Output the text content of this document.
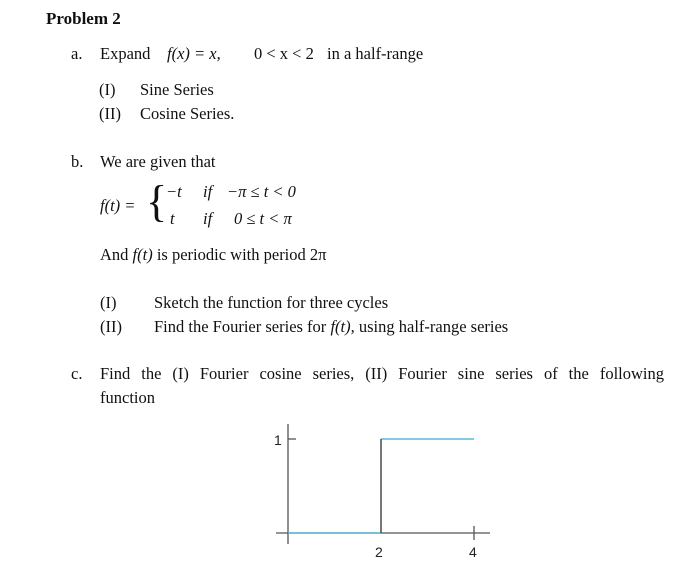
Problem 2
a. Expand f(x) = x, 0 < x < 2 in a half-range
(I) Sine Series
(II) Cosine Series.
b. We are given that
f(t) = {
−t if −π ≤ t < 0
t if 0 ≤ t < π
And f(t) is periodic with period 2π
(I) Sketch the function for three cycles
(II) Find the Fourier series for f(t), using half-range series
c. Find the (I) Fourier cosine series, (II) Fourier sine series of the following
function
1
2	4
